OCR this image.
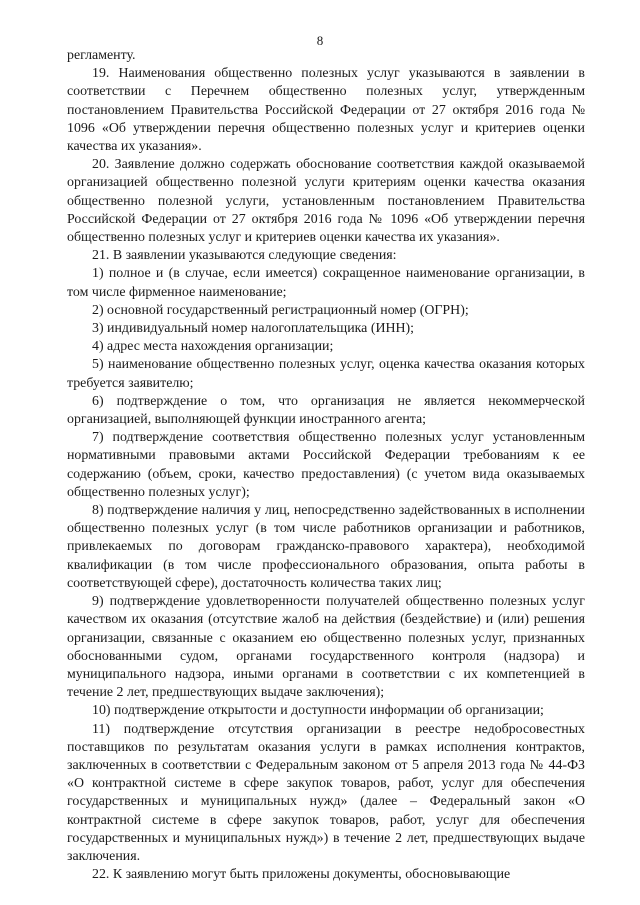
8

регламенту.

19. Наименования общественно полезных услуг указываются в заявлении в соответствии с Перечнем общественно полезных услуг, утвержденным постановлением Правительства Российской Федерации от 27 октября 2016 года № 1096 «Об утверждении перечня общественно полезных услуг и критериев оценки качества их указания».

20. Заявление должно содержать обоснование соответствия каждой оказываемой организацией общественно полезной услуги критериям оценки качества оказания общественно полезной услуги, установленным постановлением Правительства Российской Федерации от 27 октября 2016 года № 1096 «Об утверждении перечня общественно полезных услуг и критериев оценки качества их указания».

21. В заявлении указываются следующие сведения:

1) полное и (в случае, если имеется) сокращенное наименование организации, в том числе фирменное наименование;

2) основной государственный регистрационный номер (ОГРН);

3) индивидуальный номер налогоплательщика (ИНН);

4) адрес места нахождения организации;

5) наименование общественно полезных услуг, оценка качества оказания которых требуется заявителю;

6) подтверждение о том, что организация не является некоммерческой организацией, выполняющей функции иностранного агента;

7) подтверждение соответствия общественно полезных услуг установленным нормативными правовыми актами Российской Федерации требованиям к ее содержанию (объем, сроки, качество предоставления) (с учетом вида оказываемых общественно полезных услуг);

8) подтверждение наличия у лиц, непосредственно задействованных в исполнении общественно полезных услуг (в том числе работников организации и работников, привлекаемых по договорам гражданско-правового характера), необходимой квалификации (в том числе профессионального образования, опыта работы в соответствующей сфере), достаточность количества таких лиц;

9) подтверждение удовлетворенности получателей общественно полезных услуг качеством их оказания (отсутствие жалоб на действия (бездействие) и (или) решения организации, связанные с оказанием ею общественно полезных услуг, признанных обоснованными судом, органами государственного контроля (надзора) и муниципального надзора, иными органами в соответствии с их компетенцией в течение 2 лет, предшествующих выдаче заключения);

10) подтверждение открытости и доступности информации об организации;

11) подтверждение отсутствия организации в реестре недобросовестных поставщиков по результатам оказания услуги в рамках исполнения контрактов, заключенных в соответствии с Федеральным законом от 5 апреля 2013 года № 44-ФЗ «О контрактной системе в сфере закупок товаров, работ, услуг для обеспечения государственных и муниципальных нужд» (далее – Федеральный закон «О контрактной системе в сфере закупок товаров, работ, услуг для обеспечения государственных и муниципальных нужд») в течение 2 лет, предшествующих выдаче заключения.

22. К заявлению могут быть приложены документы, обосновывающие
